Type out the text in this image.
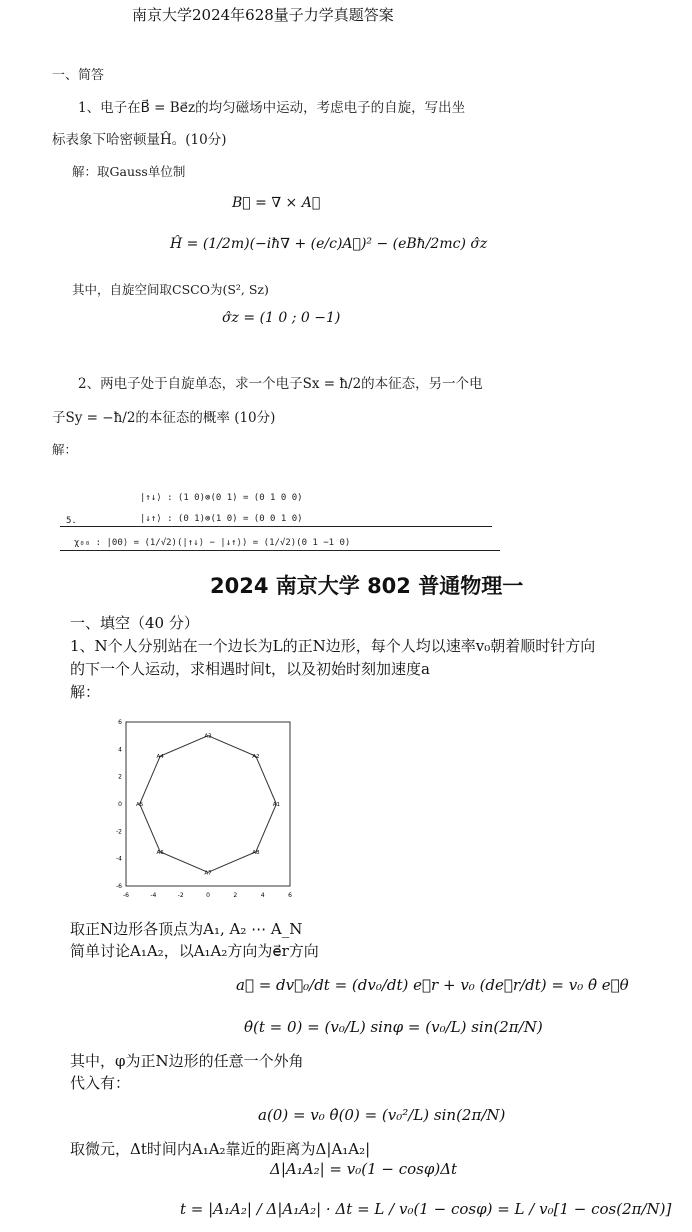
南京大学2024年628量子力学真题答案
一、简答
1、电子在B⃗ = Be⃗z的均匀磁场中运动，考虑电子的自旋，写出坐
标表象下哈密顿量Ĥ。(10分)
解：取Gauss单位制
B⃗ = ∇ × A⃗
Ĥ = (1/2m)(−iħ∇ + (e/c)A⃗)² − (eBħ/2mc) σ̂z
其中，自旋空间取CSCO为(S², Sz)
σ̂z = (1 0 ; 0 −1)
2、两电子处于自旋单态，求一个电子Sx = ħ/2的本征态，另一个电
子Sy = −ħ/2的本征态的概率 (10分)
解：
|↑↓⟩ : (1 0)⊗(0 1) = (0 1 0 0)
5.	|↓↑⟩ : (0 1)⊗(1 0) = (0 0 1 0)
χ₀₀ : |00⟩ = (1/√2)(|↑↓⟩ − |↓↑⟩) = (1/√2)(0 1 −1 0)
2024 南京大学 802 普通物理一
一、填空（40 分）
1、N个人分别站在一个边长为L的正N边形，每个人均以速率v₀朝着顺时针方向
的下一个人运动，求相遇时间t，以及初始时刻加速度a
解：
-6	-4	-2	0	2	4	6
6
4
2
0
-2
-4
-6
A1
A2
A3
A4
A5
A6
A7
A8
取正N边形各顶点为A₁, A₂ ⋯ A_N
简单讨论A₁A₂，以A₁A₂方向为e⃗r方向
a⃗ = dv⃗₀/dt = (dv₀/dt) e⃗r + v₀ (de⃗r/dt) = v₀ θ̇ e⃗θ
θ̇(t = 0) = (v₀/L) sinφ = (v₀/L) sin(2π/N)
其中，φ为正N边形的任意一个外角
代入有：
a(0) = v₀ θ̇(0) = (v₀²/L) sin(2π/N)
取微元，Δt时间内A₁A₂靠近的距离为Δ|A₁A₂|
Δ|A₁A₂| = v₀(1 − cosφ)Δt
t = |A₁A₂| / Δ|A₁A₂| · Δt = L / v₀(1 − cosφ) = L / v₀[1 − cos(2π/N)]
